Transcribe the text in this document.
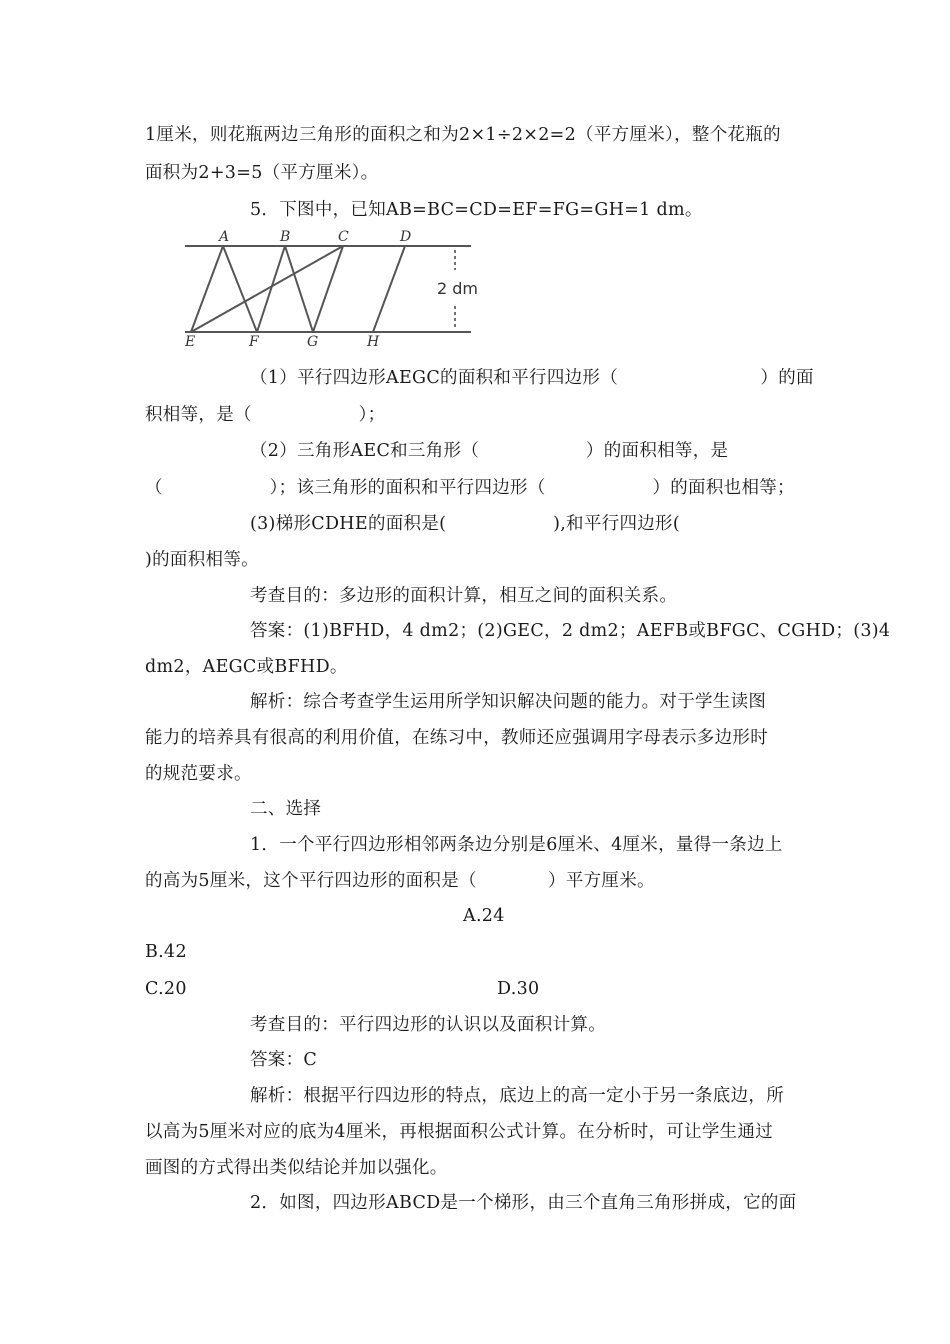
1厘米，则花瓶两边三角形的面积之和为2×1÷2×2=2（平方厘米），整个花瓶的
面积为2+3=5（平方厘米）。
5．下图中，已知AB=BC=CD=EF=FG=GH=1 dm。
A	B	C	D
E	F	G	H
2 dm
（1）平行四边形AEGC的面积和平行四边形（　　　　　　　　）的面
积相等，是（　　　　　　）；
（2）三角形AEC和三角形（　　　　　　）的面积相等，是
（　　　　　　）；该三角形的面积和平行四边形（　　　　　　）的面积也相等；
(3)梯形CDHE的面积是(　　　　　　),和平行四边形(
)的面积相等。
考查目的：多边形的面积计算，相互之间的面积关系。
答案：(1)BFHD，4 dm2；(2)GEC，2 dm2；AEFB或BFGC、CGHD；(3)4
dm2，AEGC或BFHD。
解析：综合考查学生运用所学知识解决问题的能力。对于学生读图
能力的培养具有很高的利用价值，在练习中，教师还应强调用字母表示多边形时
的规范要求。
二、选择
1．一个平行四边形相邻两条边分别是6厘米、4厘米，量得一条边上
的高为5厘米，这个平行四边形的面积是（　　　　）平方厘米。
A.24
B.42
C.20	D.30
考查目的：平行四边形的认识以及面积计算。
答案：C
解析：根据平行四边形的特点，底边上的高一定小于另一条底边，所
以高为5厘米对应的底为4厘米，再根据面积公式计算。在分析时，可让学生通过
画图的方式得出类似结论并加以强化。
2．如图，四边形ABCD是一个梯形，由三个直角三角形拼成，它的面
